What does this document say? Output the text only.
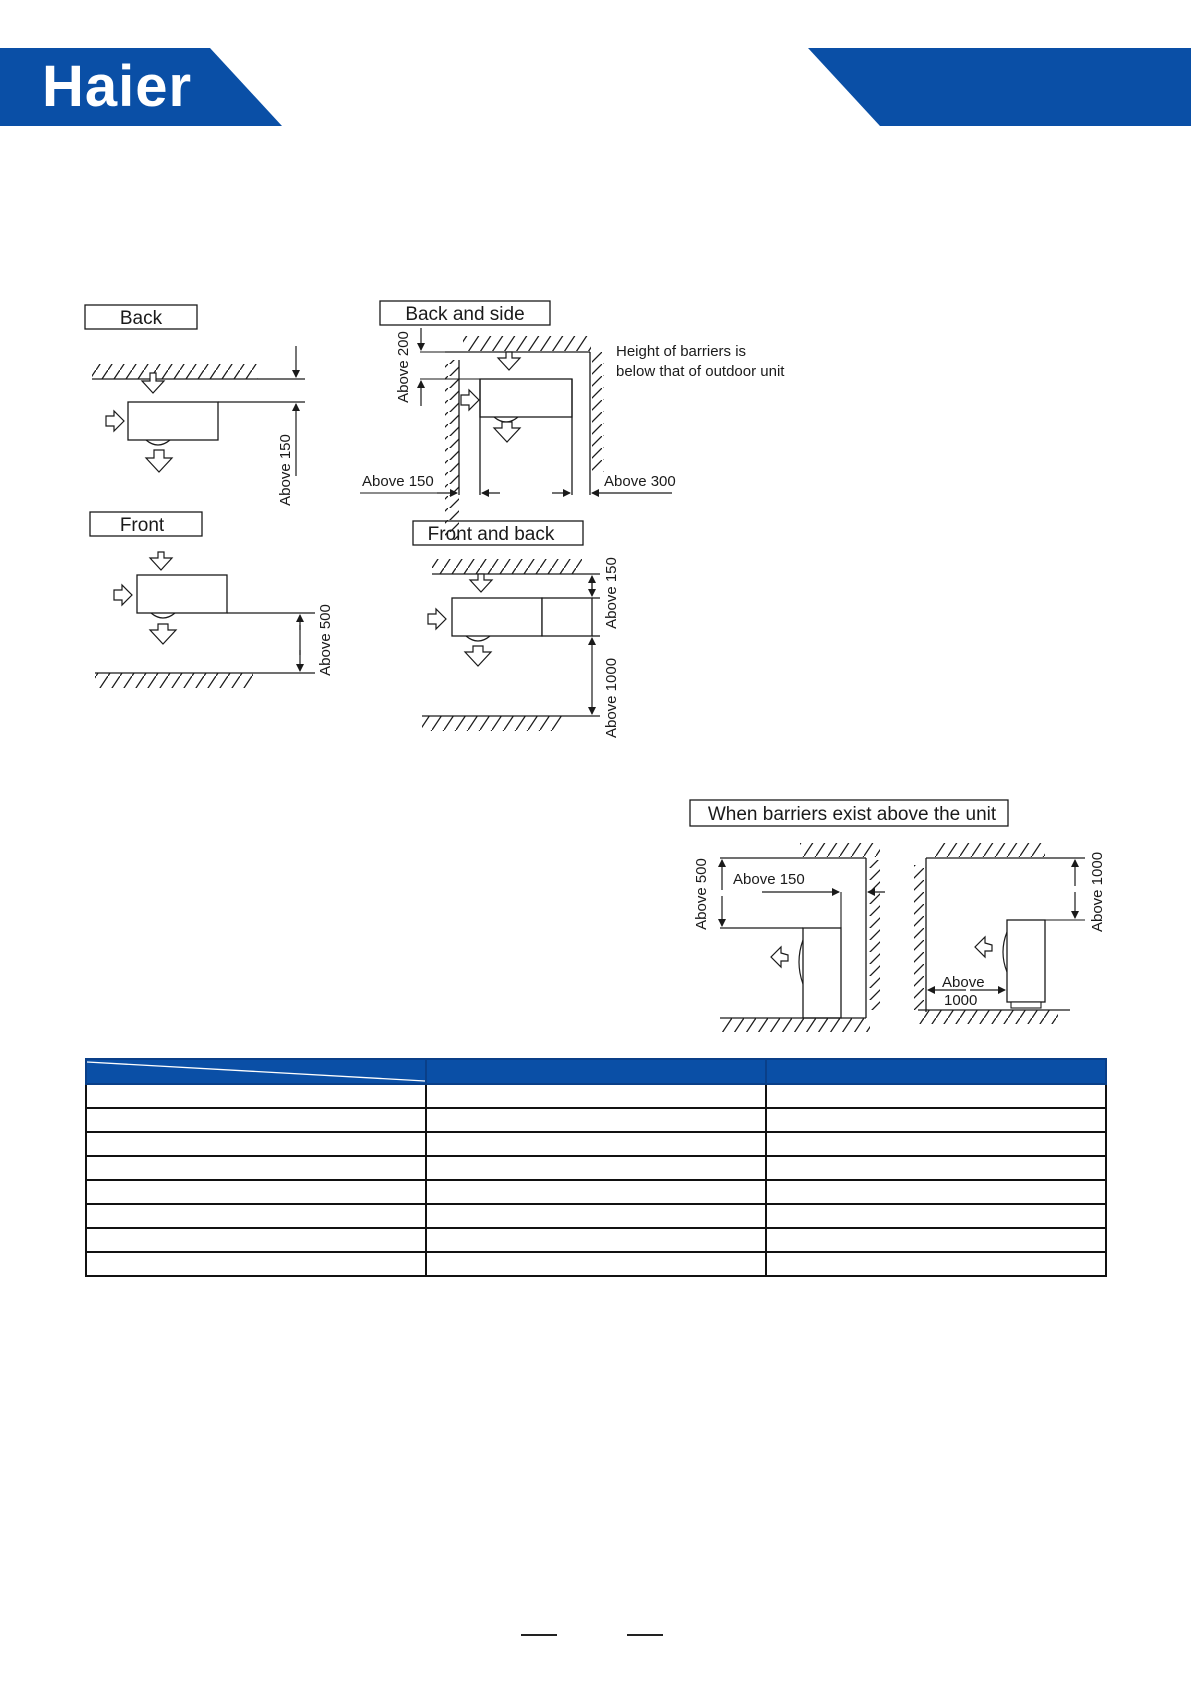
Haier
Back
Above 150
Back and side
Above 200
Above 150	Above 300
Height of barriers is
below that of outdoor unit
Front
Above 500
Front and back
Above 150
Above 1000
When barriers exist above the unit
Above 500 Above 150	Above 1000
Above
1000
